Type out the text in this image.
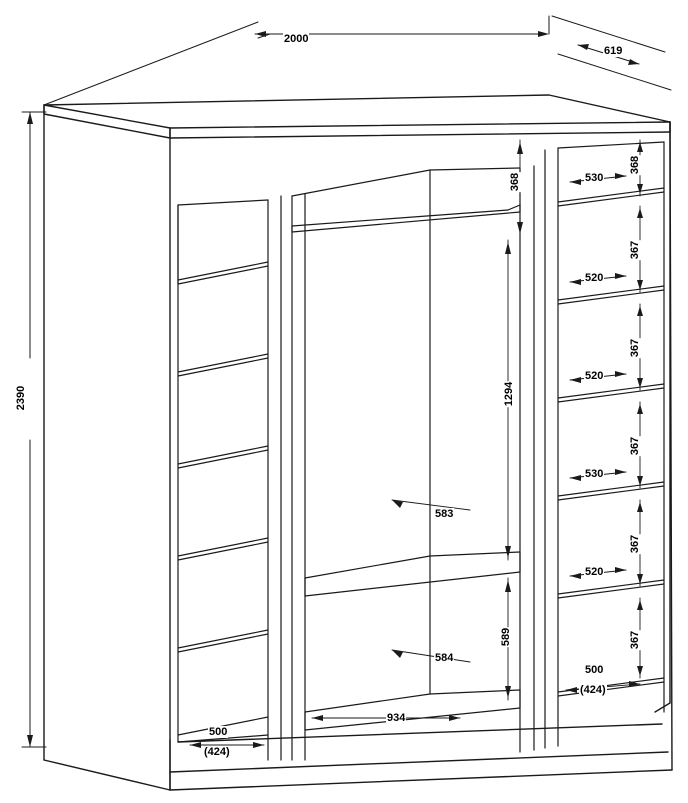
2000
619
2390
368
1294
583
589
584
934
530
520
520
530
520
368
367
367
367
367
367
500
(424)
500
(424)
